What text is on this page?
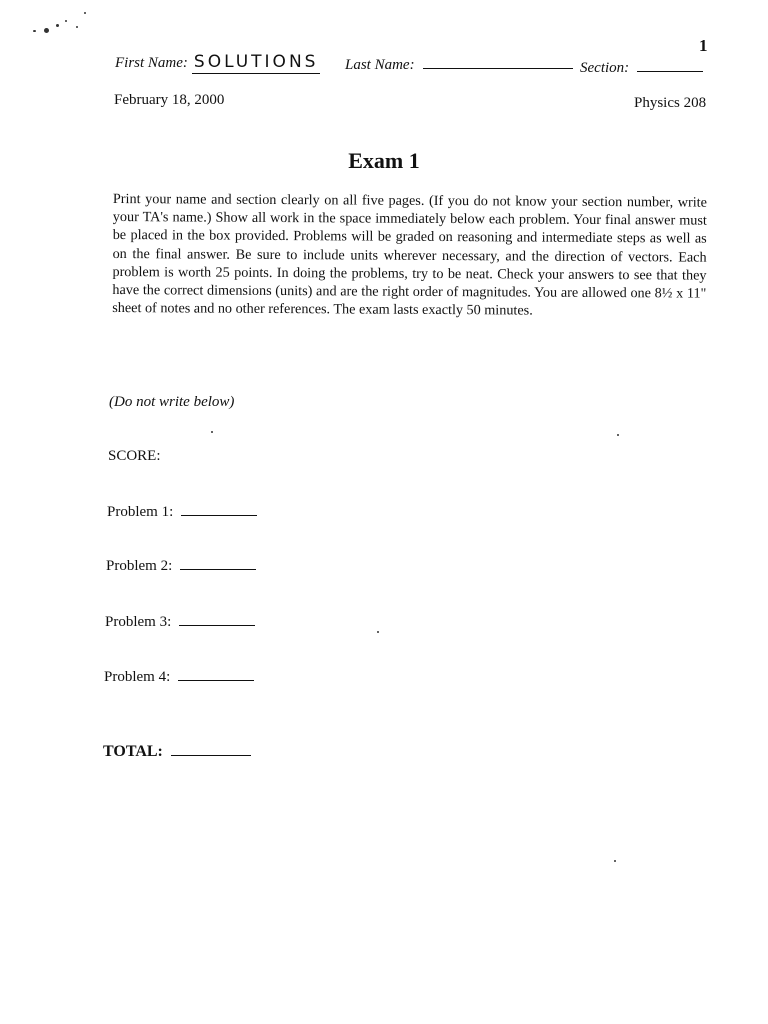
1
First Name: SOLUTIONS Last Name:	Section:
February 18, 2000	Physics 208
Exam 1
Print your name and section clearly on all five pages. (If you do not know your section number, write your TA's name.) Show all work in the space immediately below each problem. Your final answer must be placed in the box provided. Problems will be graded on reasoning and intermediate steps as well as on the final answer. Be sure to include units wherever necessary, and the direction of vectors. Each problem is worth 25 points. In doing the problems, try to be neat. Check your answers to see that they have the correct dimensions (units) and are the right order of magnitudes. You are allowed one 8½ x 11" sheet of notes and no other references. The exam lasts exactly 50 minutes.
(Do not write below)
SCORE:
Problem 1:
Problem 2:
Problem 3:
Problem 4:
TOTAL:
